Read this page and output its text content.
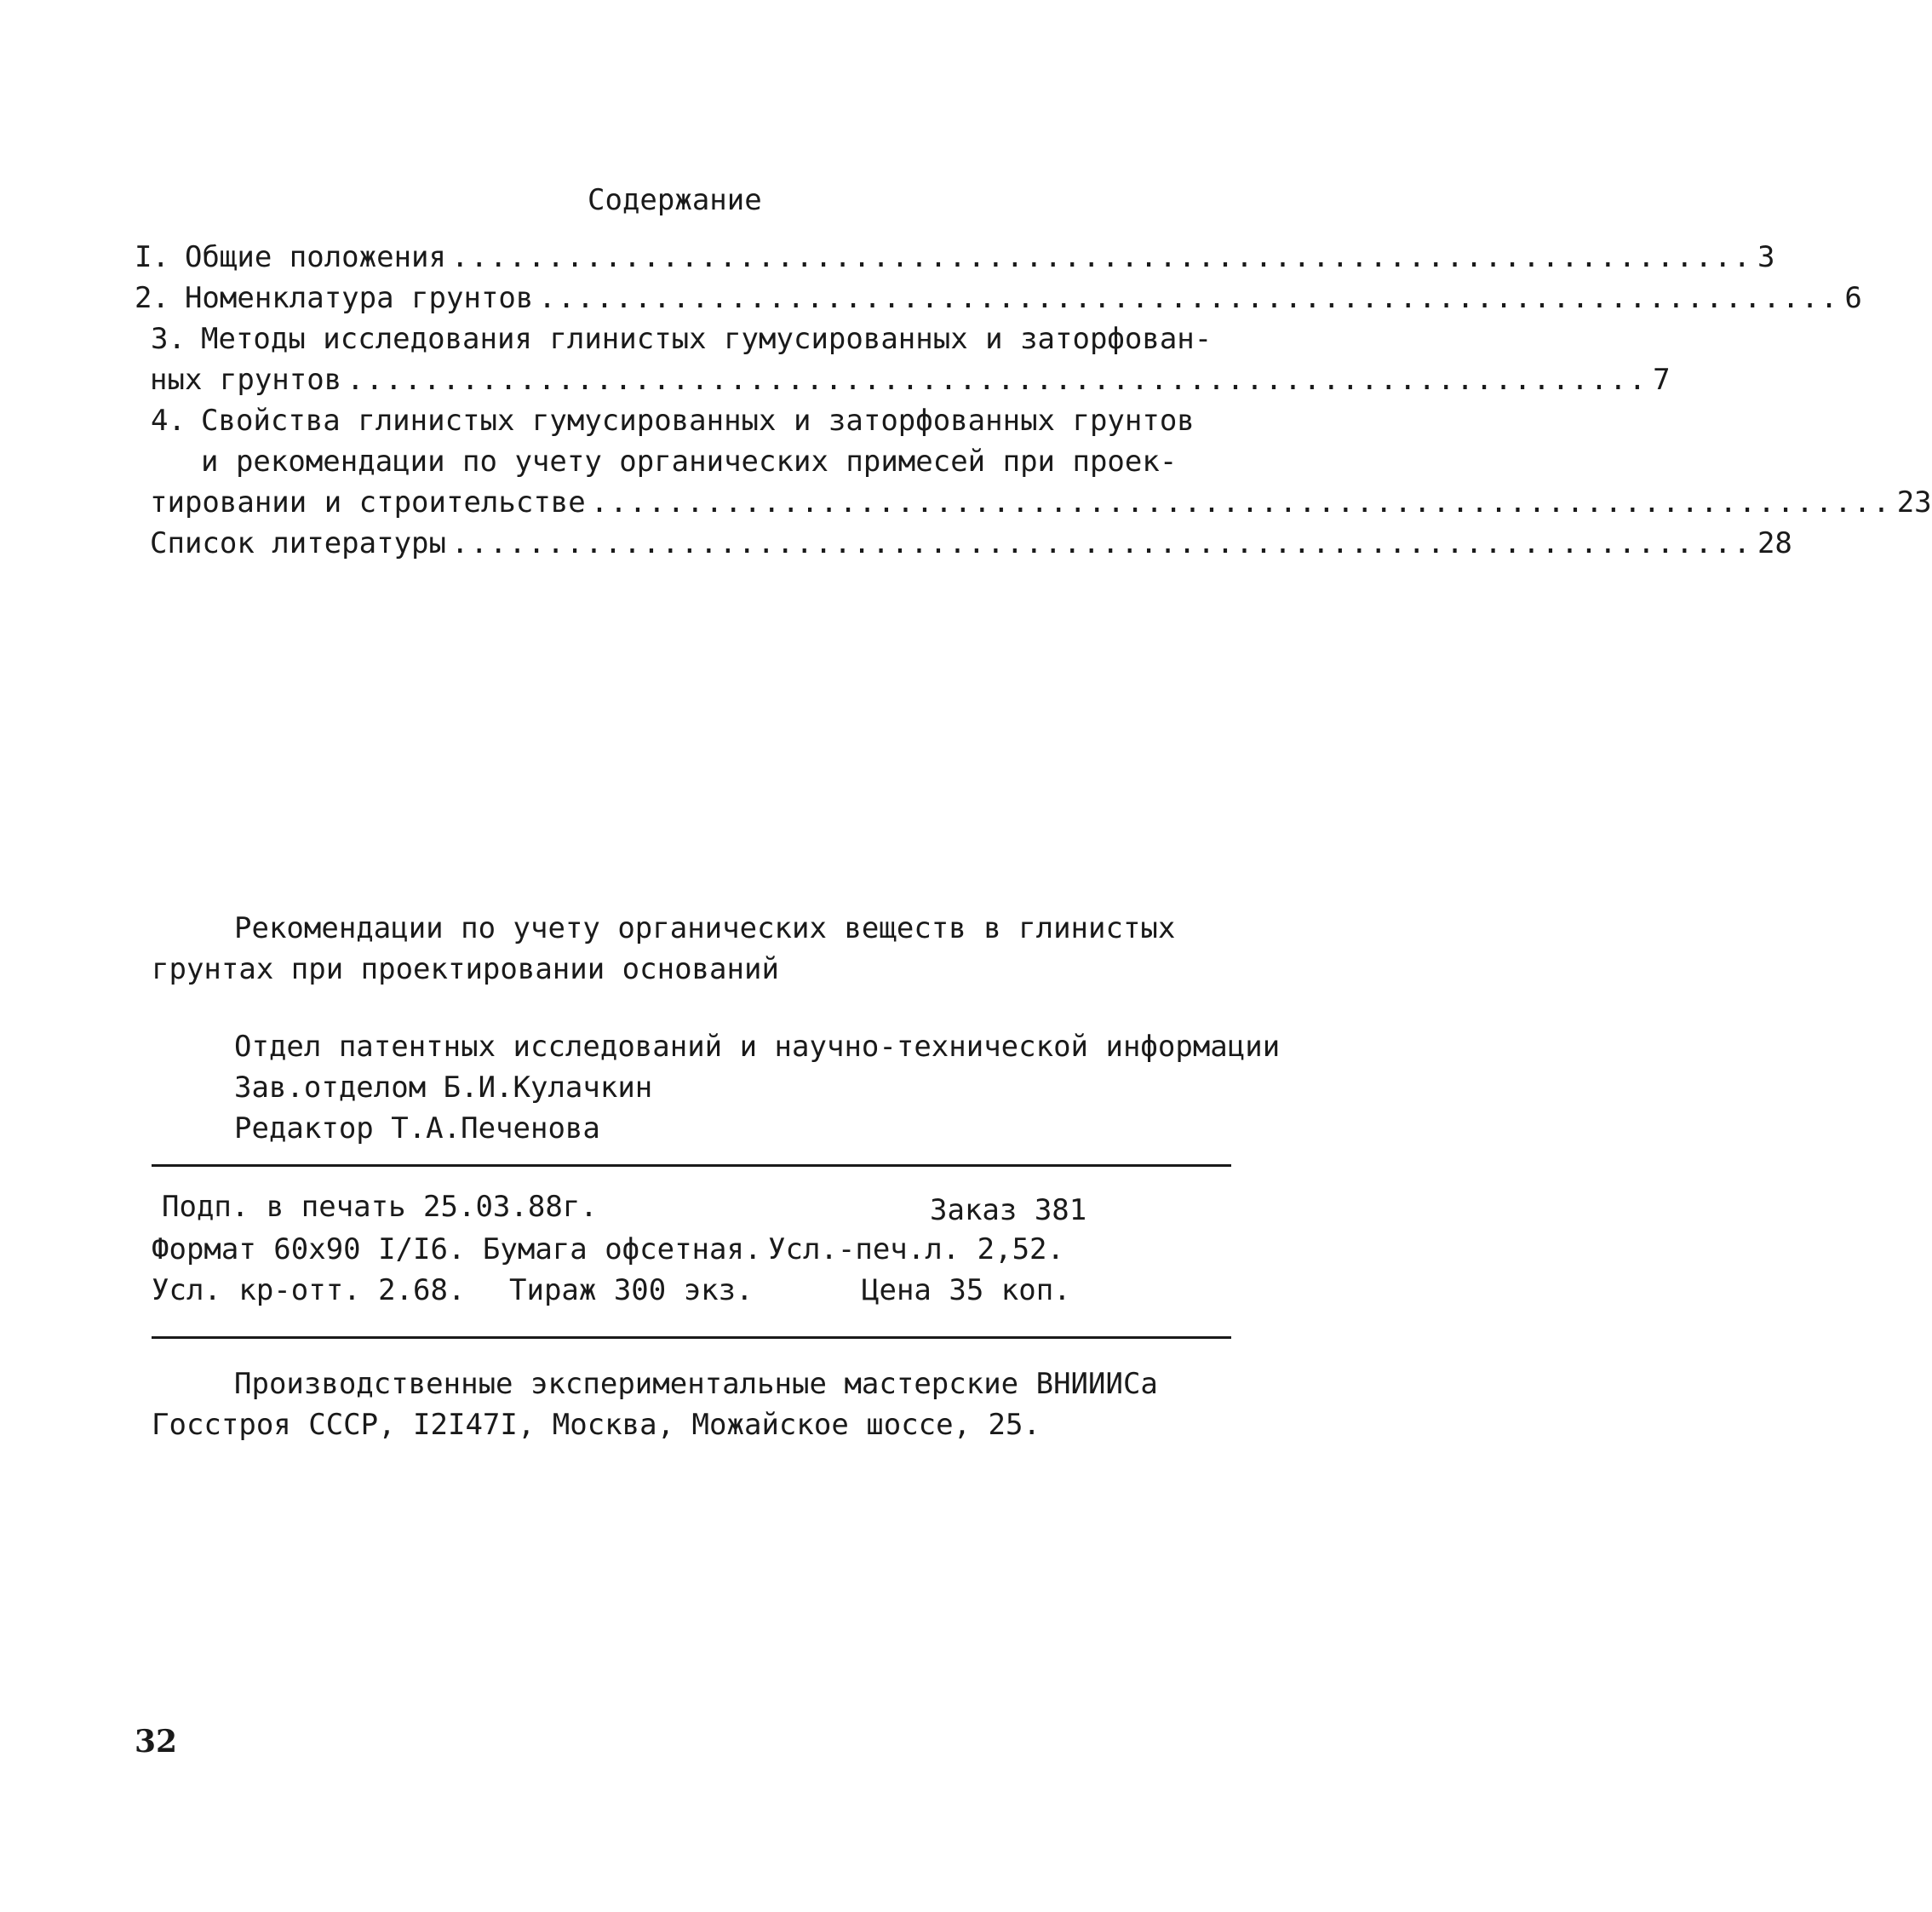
Содержание
I. Общие положения .................................................................... 3
2. Номенклатура грунтов .................................................................... 6
3. Методы исследования глинистых гумусированных и заторфован-
ных грунтов .................................................................... 7
4. Свойства глинистых гумусированных и заторфованных грунтов
и рекомендации по учету органических примесей при проек-
тировании и строительстве .................................................................... 23
Список литературы .................................................................... 28
Рекомендации по учету органических веществ в глинистых
грунтах при проектировании оснований
Отдел патентных исследований и научно-технической информации
Зав.отделом Б.И.Кулачкин
Редактор Т.А.Печенова
Подп. в печать 25.03.88г.	Заказ 381
Формат 60х90 I/I6. Бумага офсетная. Усл.-печ.л. 2,52.
Усл. кр-отт. 2.68. Тираж 300 экз.	Цена 35 коп.
Производственные экспериментальные мастерские ВНИИИСа
Госстроя СССР, I2I47I, Москва, Можайское шоссе, 25.
32
